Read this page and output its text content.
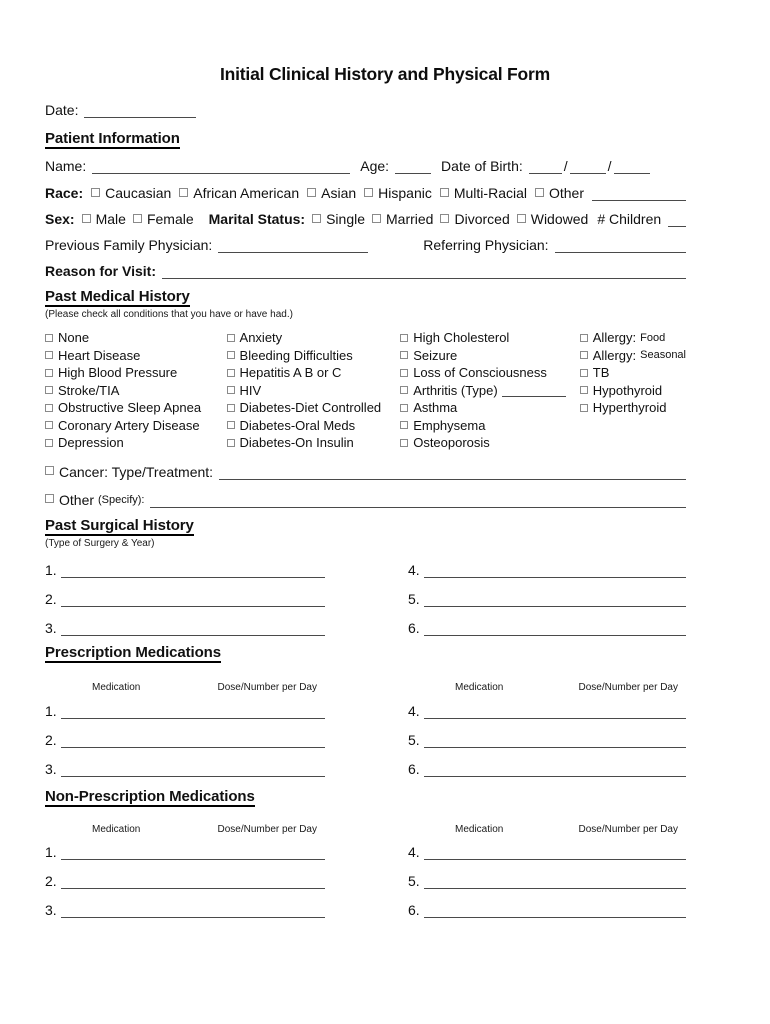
Initial Clinical History and Physical Form
Date:
Patient Information
Name:	Age:	Date of Birth:	/	/
Race: Caucasian African American Asian Hispanic Multi-Racial Other
Sex: Male Female Marital Status: Single Married Divorced Widowed # Children
Previous Family Physician:	Referring Physician:
Reason for Visit:
Past Medical History
(Please check all conditions that you have or have had.)
None
Heart Disease
High Blood Pressure
Stroke/TIA
Obstructive Sleep Apnea
Coronary Artery Disease
Depression
Anxiety
Bleeding Difficulties
Hepatitis A B or C
HIV
Diabetes-Diet Controlled
Diabetes-Oral Meds
Diabetes-On Insulin
High Cholesterol
Seizure
Loss of Consciousness
Arthritis (Type)
Asthma
Emphysema
Osteoporosis
Allergy: Food
Allergy: Seasonal
TB
Hypothyroid
Hyperthyroid
Cancer: Type/Treatment:
Other (Specify):
Past Surgical History
(Type of Surgery & Year)
1.
2.
3.
4.
5.
6.
Prescription Medications
Medication	Dose/Number per Day	Medication	Dose/Number per Day
1.
2.
3.
4.
5.
6.
Non-Prescription Medications
Medication	Dose/Number per Day	Medication	Dose/Number per Day
1.
2.
3.
4.
5.
6.
